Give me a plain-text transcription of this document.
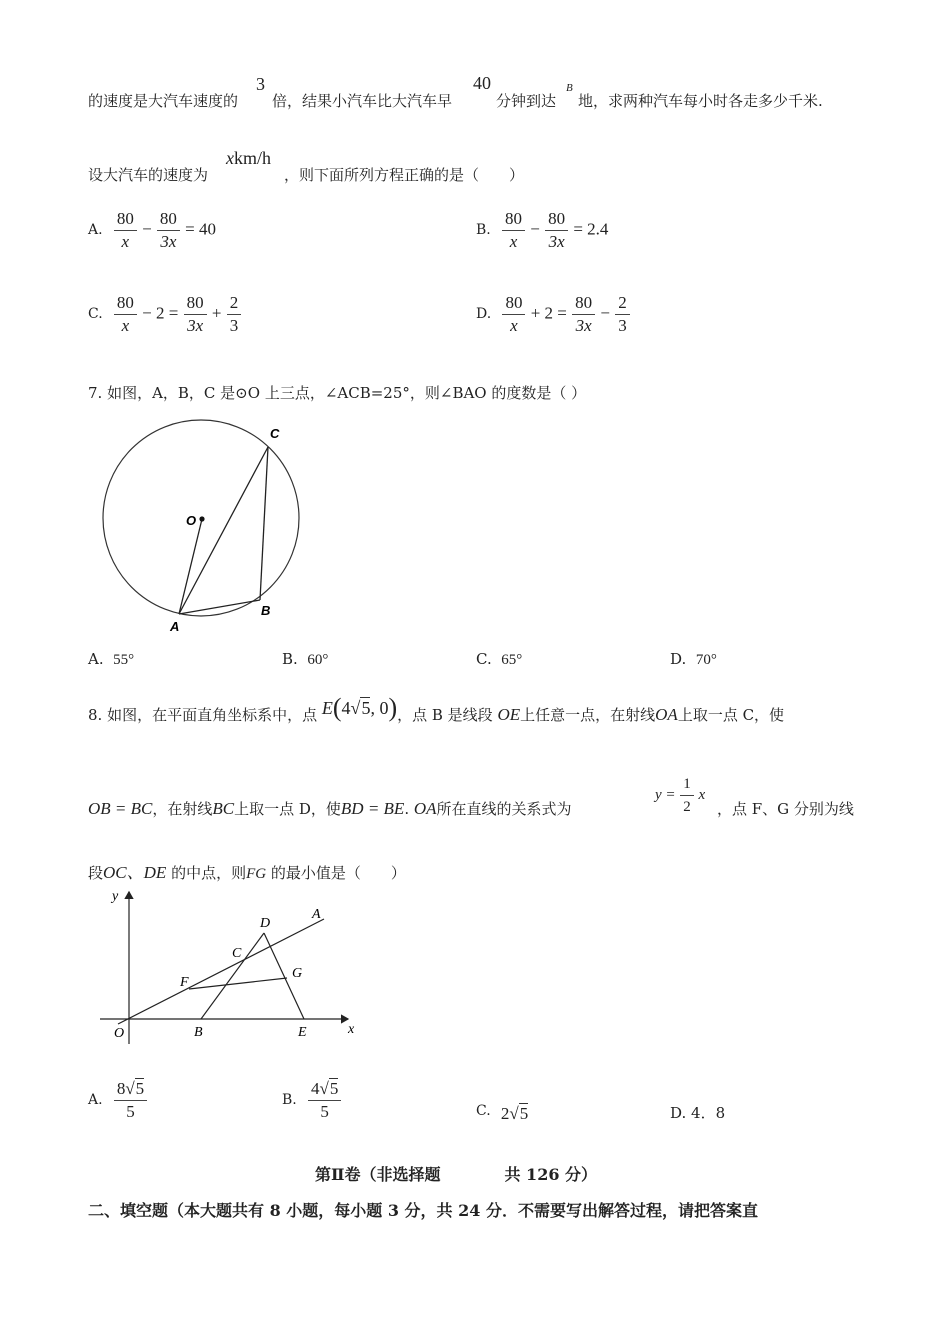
的速度是大汽车速度的
3
倍，结果小汽车比大汽车早
40
分钟到达
B
地，求两种汽车每小时各走多少千米.
设大汽车的速度为
xkm/h
，则下面所列方程正确的是（　　）
A. $\frac{80}{x} - \frac{80}{3x} = 40$	B. $\frac{80}{x} - \frac{80}{3x} = 2.4$
C. $\frac{80}{x} - 2 = \frac{80}{3x} + \frac{2}{3}$	D. $\frac{80}{x} + 2 = \frac{80}{3x} - \frac{2}{3}$
7. 如图，A，B，C 是⊙O 上三点，∠ACB=25°，则∠BAO 的度数是（ ）
C
O
A
B
A. 55°	B. 60°	C. 65°	D. 70°
8. 如图，在平面直角坐标系中，点 E(4√5, 0)，点 B 是线段 OE上任意一点，在射线OA上取一点 C，使
OB = BC，在射线BC上取一点 D，使BD = BE. OA所在直线的关系式为
$y = \frac{1}{2}$ x
，点 F、G 分别为线
段OC、DE 的中点，则FG 的最小值是（　　）
y
x
O	B	E
C
D
A
F
G
A. $\frac{8√5}{5}$	B. $\frac{4√5}{5}$	C. 2√5	D. 4．8
第Ⅱ卷（非选择题　　　　共 126 分）
二、填空题（本大题共有 8 小题，每小题 3 分，共 24 分．不需要写出解答过程，请把答案直
